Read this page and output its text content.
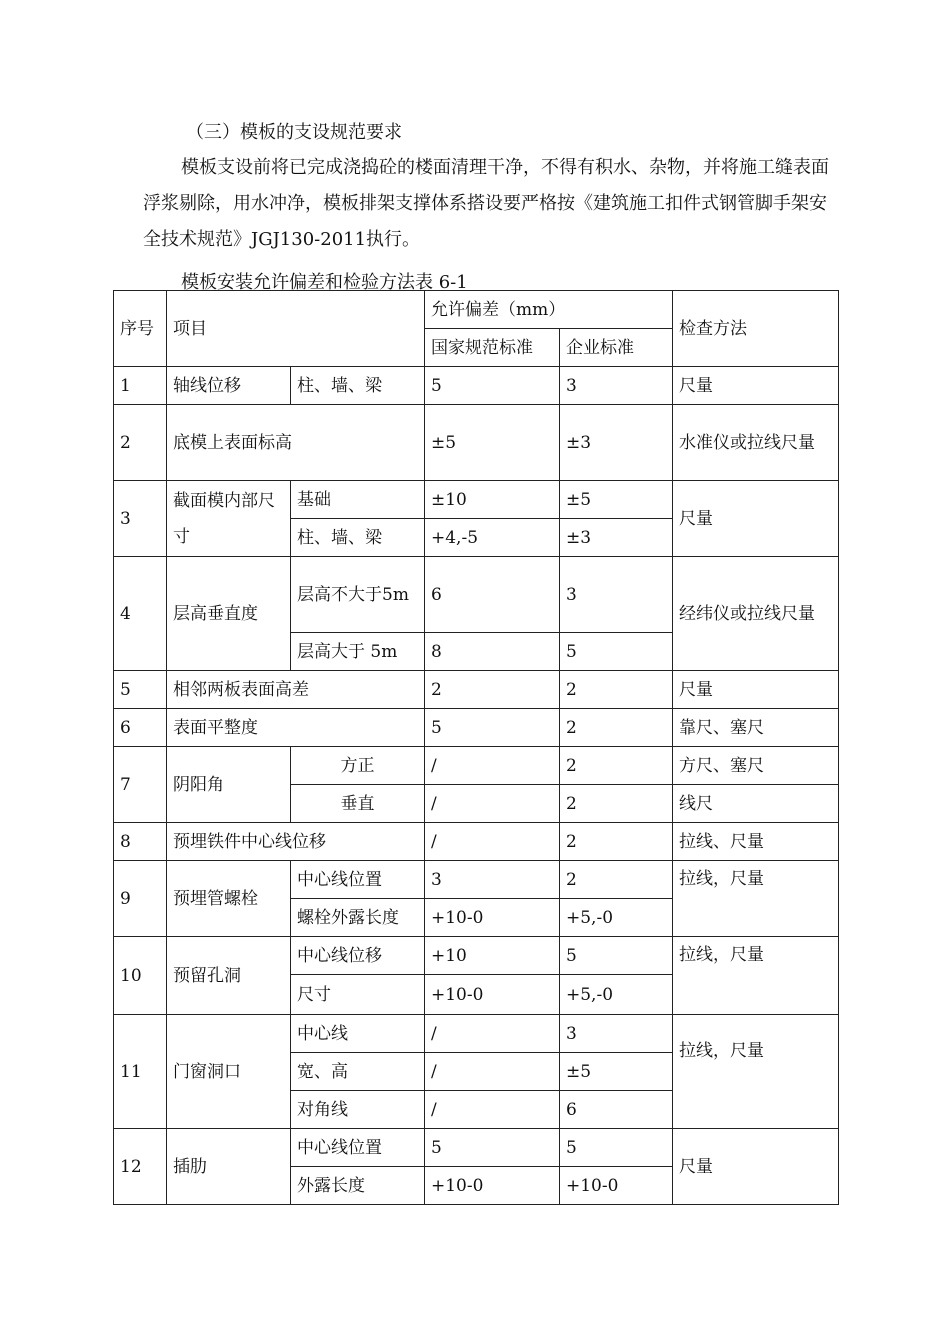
（三）模板的支设规范要求
模板支设前将已完成浇捣砼的楼面清理干净，不得有积水、杂物，并将施工缝表面浮浆剔除，用水冲净，模板排架支撑体系搭设要严格按《建筑施工扣件式钢管脚手架安全技术规范》JGJ130-2011执行。
模板安装允许偏差和检验方法表 6-1
序号	项目		允许偏差（mm）		检查方法
			国家规范标准	企业标准	
1	轴线位移	柱、墙、梁	5	3	尺量
2	底模上表面标高		±5	±3	水准仪或拉线尺量
3	截面模内部尺寸	基础	±10	±5	尺量
		柱、墙、梁	+4,-5	±3	
4	层高垂直度	层高不大于5m	6	3	经纬仪或拉线尺量
		层高大于 5m	8	5	
5	相邻两板表面高差		2	2	尺量
6	表面平整度		5	2	靠尺、塞尺
7	阴阳角	方正	/	2	方尺、塞尺
		垂直	/	2	线尺
8	预埋铁件中心线位移		/	2	拉线、尺量
9	预埋管螺栓	中心线位置	3	2	拉线，尺量
		螺栓外露长度	+10-0	+5,-0	
10	预留孔洞	中心线位移	+10	5	拉线，尺量
		尺寸	+10-0	+5,-0	
11	门窗洞口	中心线	/	3	拉线，尺量
		宽、高	/	±5	
		对角线	/	6	
12	插肋	中心线位置	5	5	尺量
		外露长度	+10-0	+10-0	
